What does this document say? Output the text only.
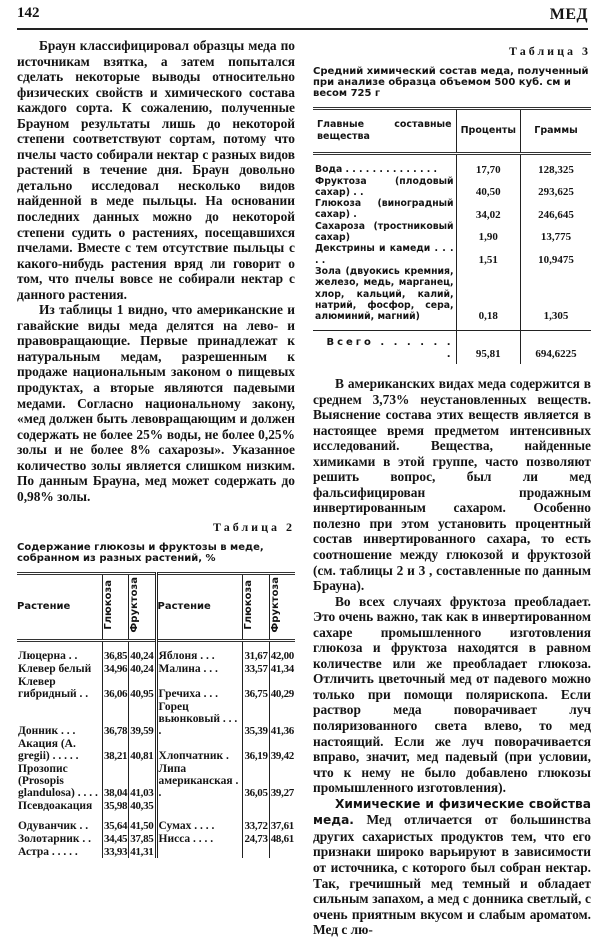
142	МЕД

Браун классифицировал образцы меда по источникам взятка, а затем попытался сделать некоторые выводы относительно физических свойств и химического состава каждого сорта. К сожалению, полученные Брауном результаты лишь до некоторой степени соответствуют сортам, потому что пчелы часто собирали нектар с разных видов растений в течение дня. Браун довольно детально исследовал несколько видов найденной в меде пыльцы. На основании последних данных можно до некоторой степени судить о растениях, посещавшихся пчелами. Вместе с тем отсутствие пыльцы с какого-нибудь растения вряд ли говорит о том, что пчелы вовсе не собирали нектар с данного растения.

Из таблицы 1 видно, что американские и гавайские виды меда делятся на лево- и правовращающие. Первые принадлежат к натуральным медам, разрешенным к продаже национальным законом о пищевых продуктах, а вторые являются падевыми медами. Согласно национальному закону, «мед должен быть левовращающим и должен содержать не более 25% воды, не более 0,25% золы и не более 8% сахарозы». Указанное количество золы является слишком низким. По данным Брауна, мед может содержать до 0,98% золы.

Таблица 2
Содержание глюкозы и фруктозы в меде, собранном из разных растений, %
Растение	Глюкоза	Фруктоза	Растение	Глюкоза	Фруктоза
Люцерна . .	36,85	40,24	Яблоня . . .	31,67	42,00
Клевер белый	34,96	40,24	Малина . . .	33,57	41,34
Клевер гибридный . .	36,06	40,95	Гречиха . . .	36,75	40,29
Донник . . .	36,78	39,59	Горец вьюнковый . . . .	35,39	41,36
Акация (A. gregii) . . . . .	38,21	40,81	Хлопчатник .	36,19	39,42
Прозопис (Prosopis glandulosa) . . . .	38,04	41,03	Липа американская . .	36,05	39,27
Псевдоакация	35,98	40,35			

Одуванчик . .	35,64	41,50	Сумах . . . .	33,72	37,61
Золотарник . .	34,45	37,85	Нисса . . . .	24,73	48,61
Астра . . . . .	33,93	41,31			
Таблица 3
Средний химический состав меда, полученный при анализе образца объемом 500 куб. см и весом 725 г
Главные составные вещества	Проценты	Граммы
Вода . . . . . . . . . . . . . .	17,70	128,325
Фруктоза (плодовый сахар) . .	40,50	293,625
Глюкоза (виноградный сахар) .	34,02	246,645
Сахароза (тростниковый сахар)	1,90	13,775
Декстрины и камеди . . . . .	1,51	10,9475
Зола (двуокись кремния, железо, медь, марганец, хлор, кальций, калий, натрий, фосфор, сера, алюминий, магний)	0,18	1,305
Всего . . . . . . .	95,81	694,6225

В американских видах меда содержится в среднем 3,73% неустановленных веществ. Выяснение состава этих веществ является в настоящее время предметом интенсивных исследований. Вещества, найденные химиками в этой группе, часто позволяют решить вопрос, был ли мед фальсифицирован продажным инвертированным сахаром. Особенно полезно при этом установить процентный состав инвертированного сахара, то есть соотношение между глюкозой и фруктозой (см. таблицы 2 и 3 , составленные по данным Брауна).

Во всех случаях фруктоза преобладает. Это очень важно, так как в инвертированном сахаре промышленного изготовления глюкоза и фруктоза находятся в равном количестве или же преобладает глюкоза. Отличить цветочный мед от падевого можно только при помощи полярископа. Если раствор меда поворачивает луч поляризованного света влево, то мед настоящий. Если же луч поворачивается вправо, значит, мед падевый (при условии, что к нему не было добавлено глюкозы промышленного изготовления).

Химические и физические свойства меда. Мед отличается от большинства других сахаристых продуктов тем, что его признаки широко варьируют в зависимости от источника, с которого был собран нектар. Так, гречишный мед темный и обладает сильным запахом, а мед с донника светлый, с очень приятным вкусом и слабым ароматом. Мед с лю-
